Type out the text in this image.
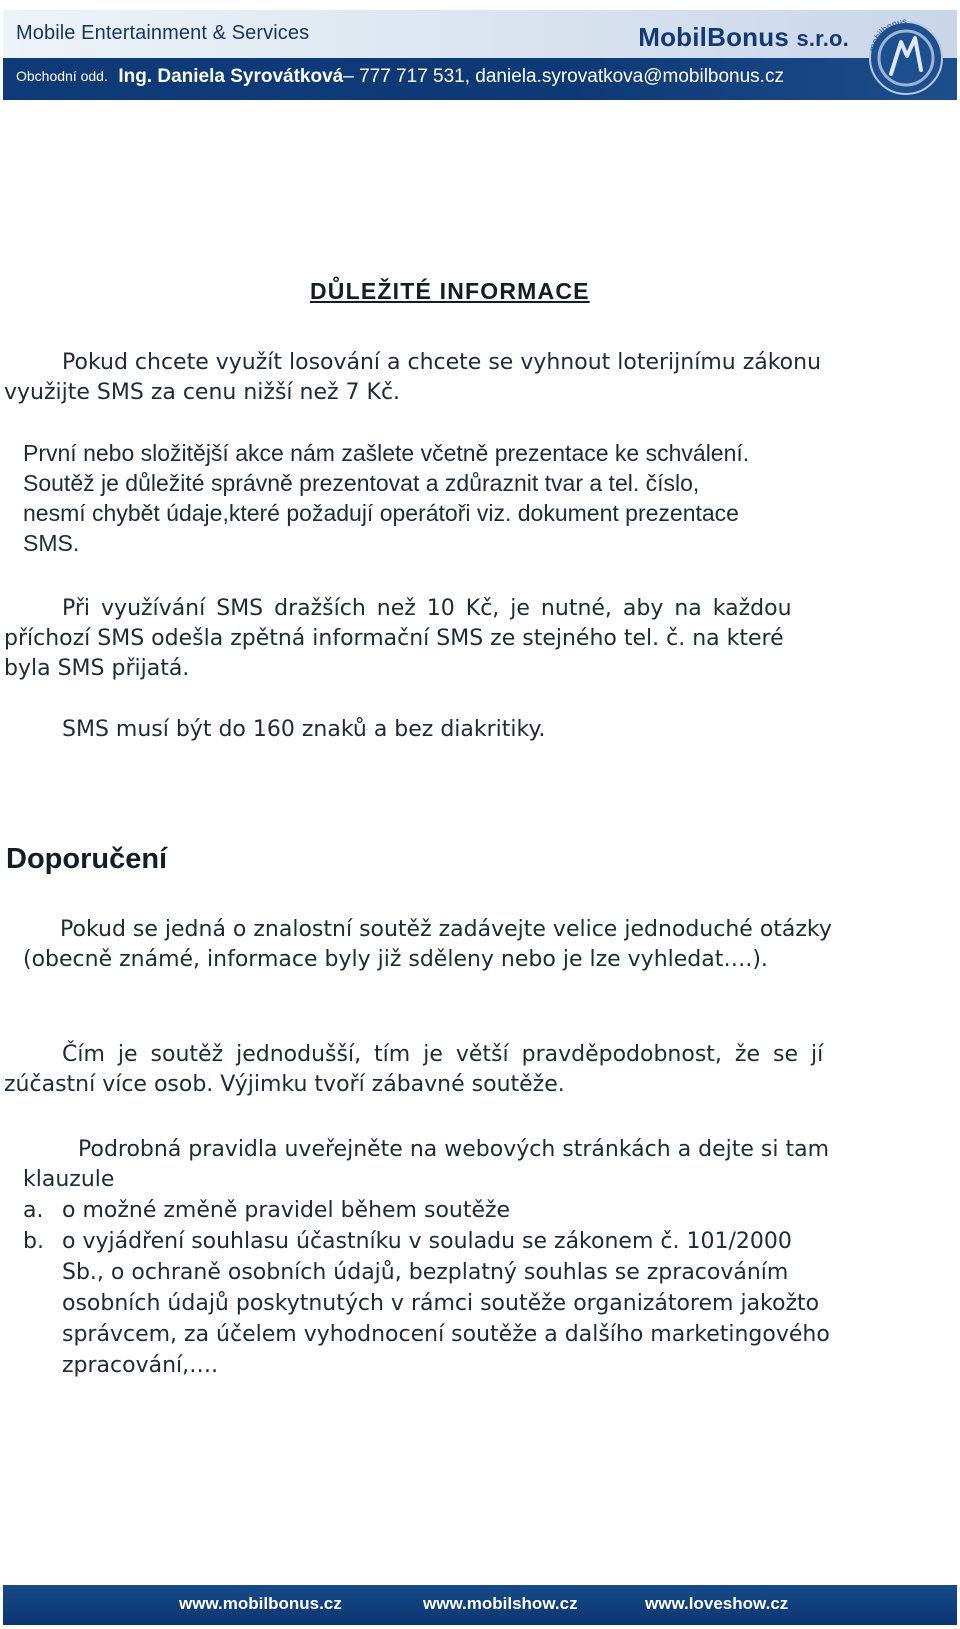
Mobile Entertainment & Services	MobilBonus s.r.o.
Obchodní odd. Ing. Daniela Syrovátková– 777 717 531, daniela.syrovatkova@mobilbonus.cz
mobilbonus

DŮLEŽITÉ INFORMACE

Pokud chcete využít losování a chcete se vyhnout loterijnímu zákonu

využijte SMS za cenu nižší než 7 Kč.

První nebo složitější akce nám zašlete včetně prezentace ke schválení.

Soutěž je důležité správně prezentovat a zdůraznit tvar a tel. číslo,

nesmí chybět údaje,které požadují operátoři viz. dokument prezentace

SMS.

Při využívání SMS dražších než 10 Kč, je nutné, aby na každou

příchozí SMS odešla zpětná informační SMS ze stejného tel. č. na které

byla SMS přijatá.

SMS musí být do 160 znaků a bez diakritiky.

Doporučení

Pokud se jedná o znalostní soutěž zadávejte velice jednoduché otázky

(obecně známé, informace byly již sděleny nebo je lze vyhledat….).

Čím je soutěž jednodušší, tím je větší pravděpodobnost, že se jí

zúčastní více osob. Výjimku tvoří zábavné soutěže.

Podrobná pravidla uveřejněte na webových stránkách a dejte si tam

klauzule

a. o možné změně pravidel během soutěže

b. o vyjádření souhlasu účastníku v souladu se zákonem č. 101/2000

Sb., o ochraně osobních údajů, bezplatný souhlas se zpracováním

osobních údajů poskytnutých v rámci soutěže organizátorem jakožto

správcem, za účelem vyhodnocení soutěže a dalšího marketingového

zpracování,….

www.mobilbonus.cz	www.mobilshow.cz	www.loveshow.cz
